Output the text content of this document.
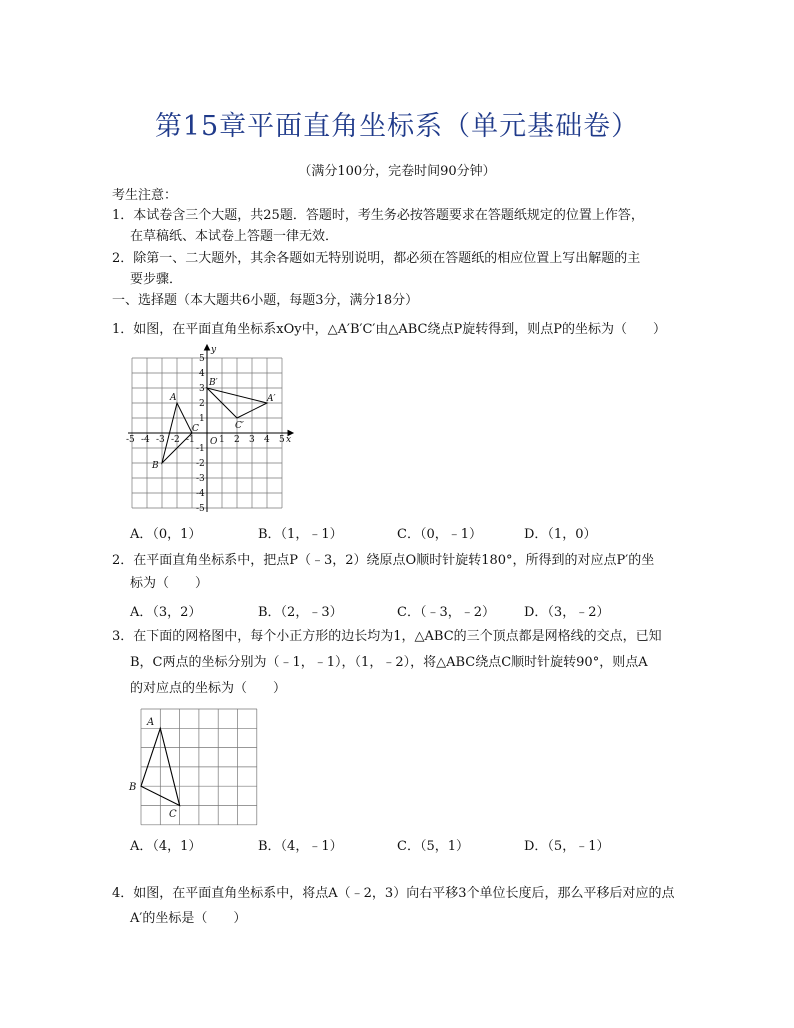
第15章平面直角坐标系（单元基础卷）
（满分100分，完卷时间90分钟）
考生注意：
1．本试卷含三个大题，共25题．答题时，考生务必按答题要求在答题纸规定的位置上作答，
在草稿纸、本试卷上答题一律无效．
2．除第一、二大题外，其余各题如无特别说明，都必须在答题纸的相应位置上写出解题的主
要步骤．
一、选择题（本大题共6小题，每题3分，满分18分）
1．如图，在平面直角坐标系xOy中，△A′B′C′由△ABC绕点P旋转得到，则点P的坐标为（　　）
-5 -4 -3 -2 -1	1 2 3 4 5
5
4
3
2
1
-1
-2
-3
-4
-5
O	x
y
A
B
C
A′
B′
C′
A．（0，1）	B．（1，﹣1）	C．（0，﹣1）	D．（1，0）
2．在平面直角坐标系中，把点P（﹣3，2）绕原点O顺时针旋转180°，所得到的对应点P′的坐
标为（　　）
A．（3，2）	B．（2，﹣3）	C．（﹣3，﹣2） D．（3，﹣2）
3．在下面的网格图中，每个小正方形的边长均为1，△ABC的三个顶点都是网格线的交点，已知
B，C两点的坐标分别为（﹣1，﹣1），（1，﹣2），将△ABC绕点C顺时针旋转90°，则点A
的对应点的坐标为（　　）
A
B
C
A．（4，1）	B．（4，﹣1）	C．（5，1）	D．（5，﹣1）
4．如图，在平面直角坐标系中，将点A（﹣2，3）向右平移3个单位长度后，那么平移后对应的点
A′的坐标是（　　）
